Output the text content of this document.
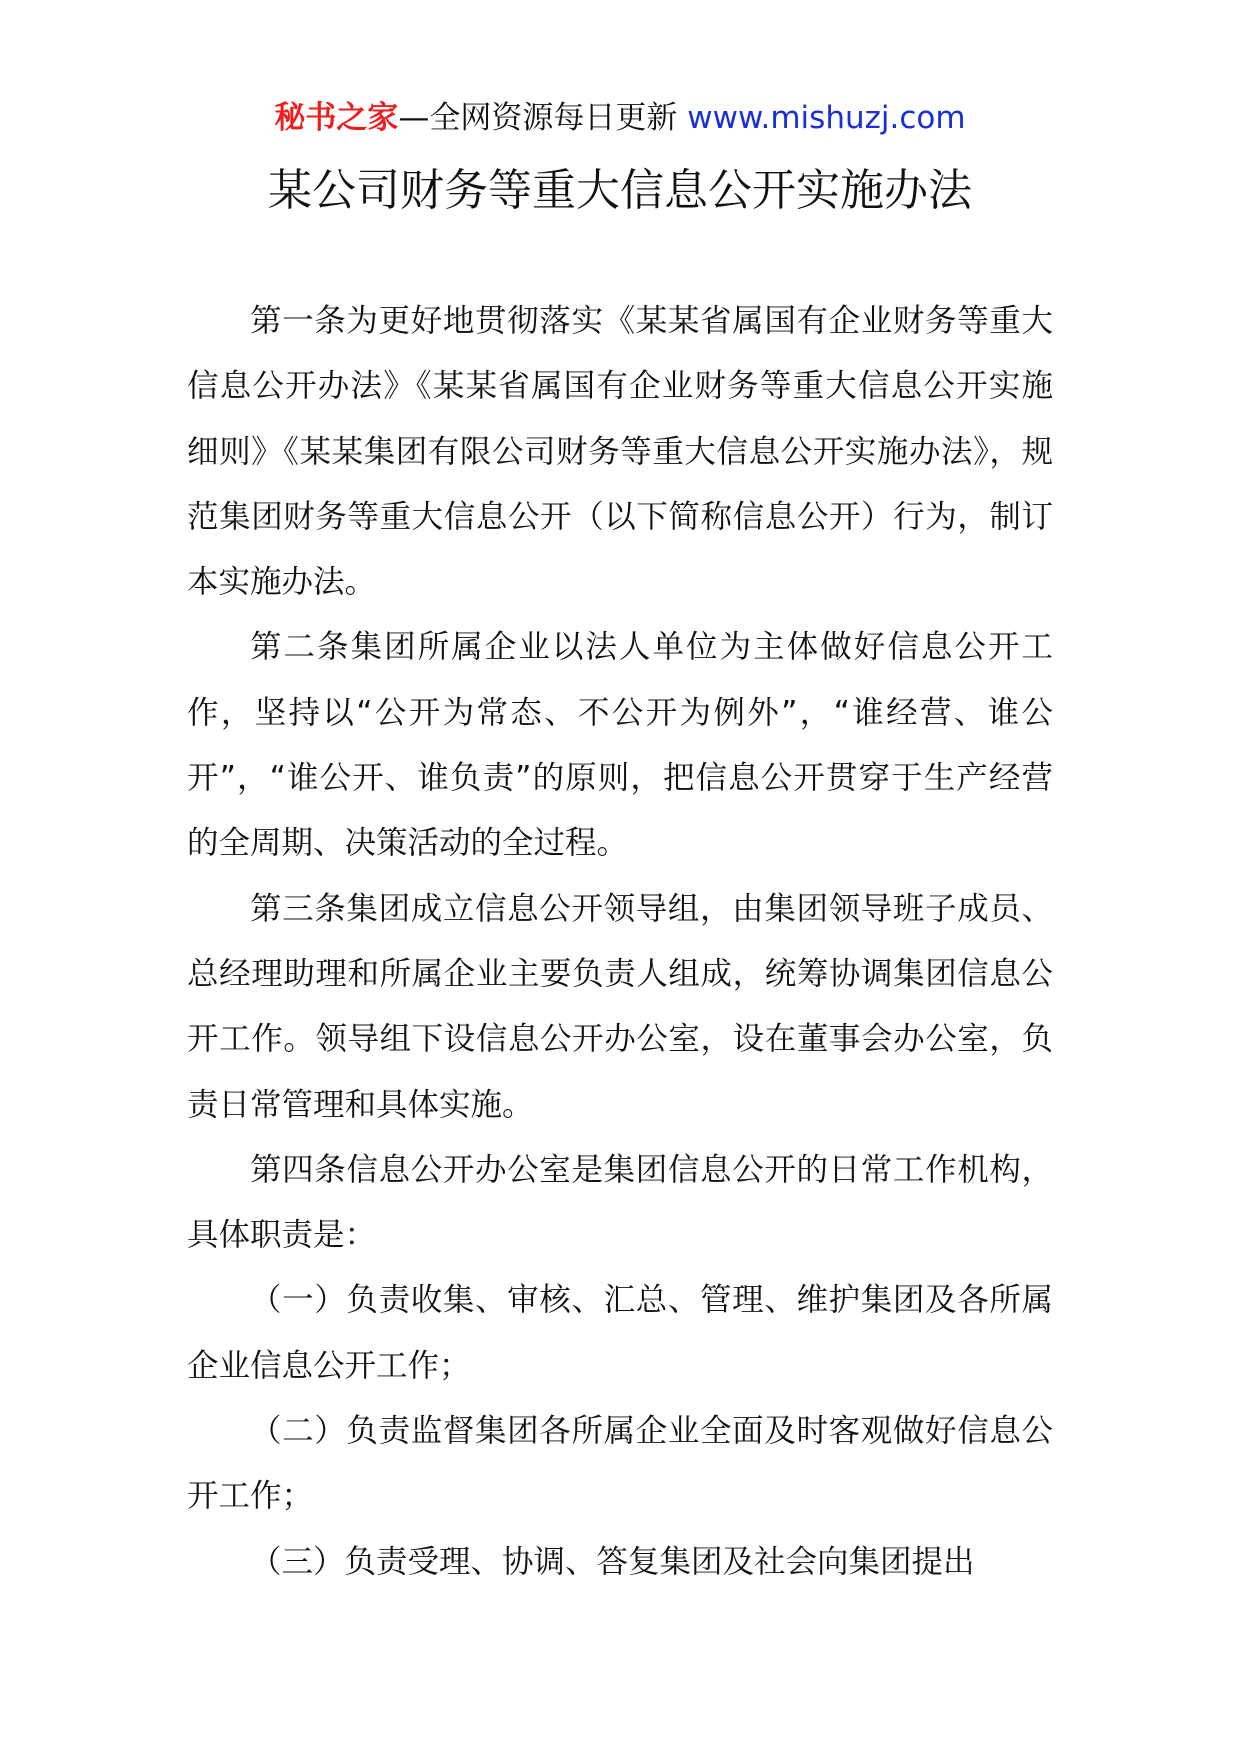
秘书之家—全网资源每日更新 www.mishuzj.com
某公司财务等重大信息公开实施办法

第一条为更好地贯彻落实《某某省属国有企业财务等重大信息公开办法》《某某省属国有企业财务等重大信息公开实施细则》《某某集团有限公司财务等重大信息公开实施办法》，规范集团财务等重大信息公开（以下简称信息公开）行为，制订本实施办法。

第二条集团所属企业以法人单位为主体做好信息公开工作，坚持以“公开为常态、不公开为例外”，“谁经营、谁公开”，“谁公开、谁负责”的原则，把信息公开贯穿于生产经营的全周期、决策活动的全过程。

第三条集团成立信息公开领导组，由集团领导班子成员、总经理助理和所属企业主要负责人组成，统筹协调集团信息公开工作。领导组下设信息公开办公室，设在董事会办公室，负责日常管理和具体实施。

第四条信息公开办公室是集团信息公开的日常工作机构，具体职责是：

（一）负责收集、审核、汇总、管理、维护集团及各所属企业信息公开工作；

（二）负责监督集团各所属企业全面及时客观做好信息公开工作；

（三）负责受理、协调、答复集团及社会向集团提出
